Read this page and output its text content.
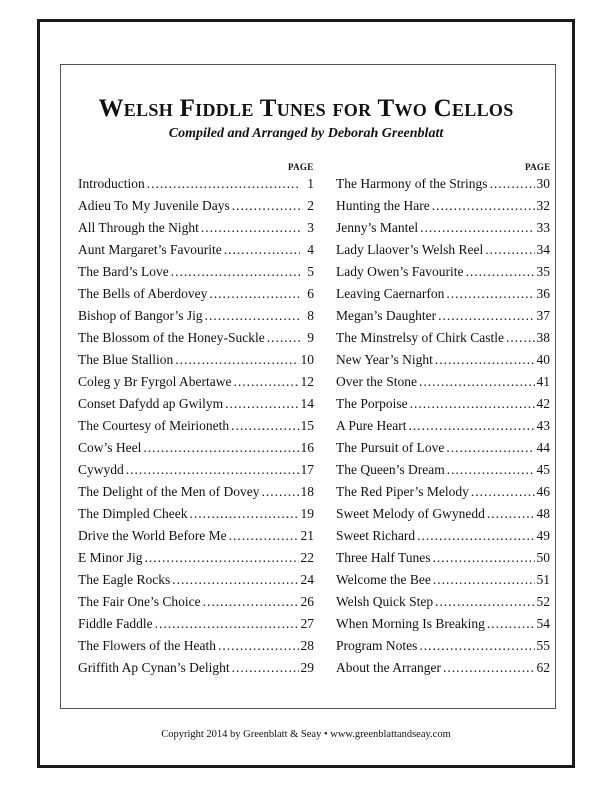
Welsh Fiddle Tunes for Two Cellos
Compiled and Arranged by Deborah Greenblatt
PAGE	PAGE
Introduction .....	1
Adieu To My Juvenile Days .....	2
All Through the Night .....	3
Aunt Margaret’s Favourite .....	4
The Bard’s Love .....	5
The Bells of Aberdovey .....	6
Bishop of Bangor’s Jig .....	8
The Blossom of the Honey-Suckle .....	9
The Blue Stallion .....	10
Coleg y Br Fyrgol Abertawe .....	12
Conset Dafydd ap Gwilym .....	14
The Courtesy of Meirioneth .....	15
Cow’s Heel .....	16
Cywydd .....	17
The Delight of the Men of Dovey .....	18
The Dimpled Cheek .....	19
Drive the World Before Me .....	21
E Minor Jig .....	22
The Eagle Rocks .....	24
The Fair One’s Choice .....	26
Fiddle Faddle .....	27
The Flowers of the Heath .....	28
Griffith Ap Cynan’s Delight .....	29
The Harmony of the Strings .....	30
Hunting the Hare .....	32
Jenny’s Mantel .....	33
Lady Llaover’s Welsh Reel .....	34
Lady Owen’s Favourite .....	35
Leaving Caernarfon .....	36
Megan’s Daughter .....	37
The Minstrelsy of Chirk Castle ..... 38
New Year’s Night .....	40
Over the Stone .....	41
The Porpoise .....	42
A Pure Heart .....	43
The Pursuit of Love .....	44
The Queen’s Dream .....	45
The Red Piper’s Melody .....	46
Sweet Melody of Gwynedd .....	48
Sweet Richard .....	49
Three Half Tunes .....	50
Welcome the Bee .....	51
Welsh Quick Step .....	52
When Morning Is Breaking .....	54
Program Notes .....	55
About the Arranger .....	62
Copyright 2014 by Greenblatt & Seay • www.greenblattandseay.com
